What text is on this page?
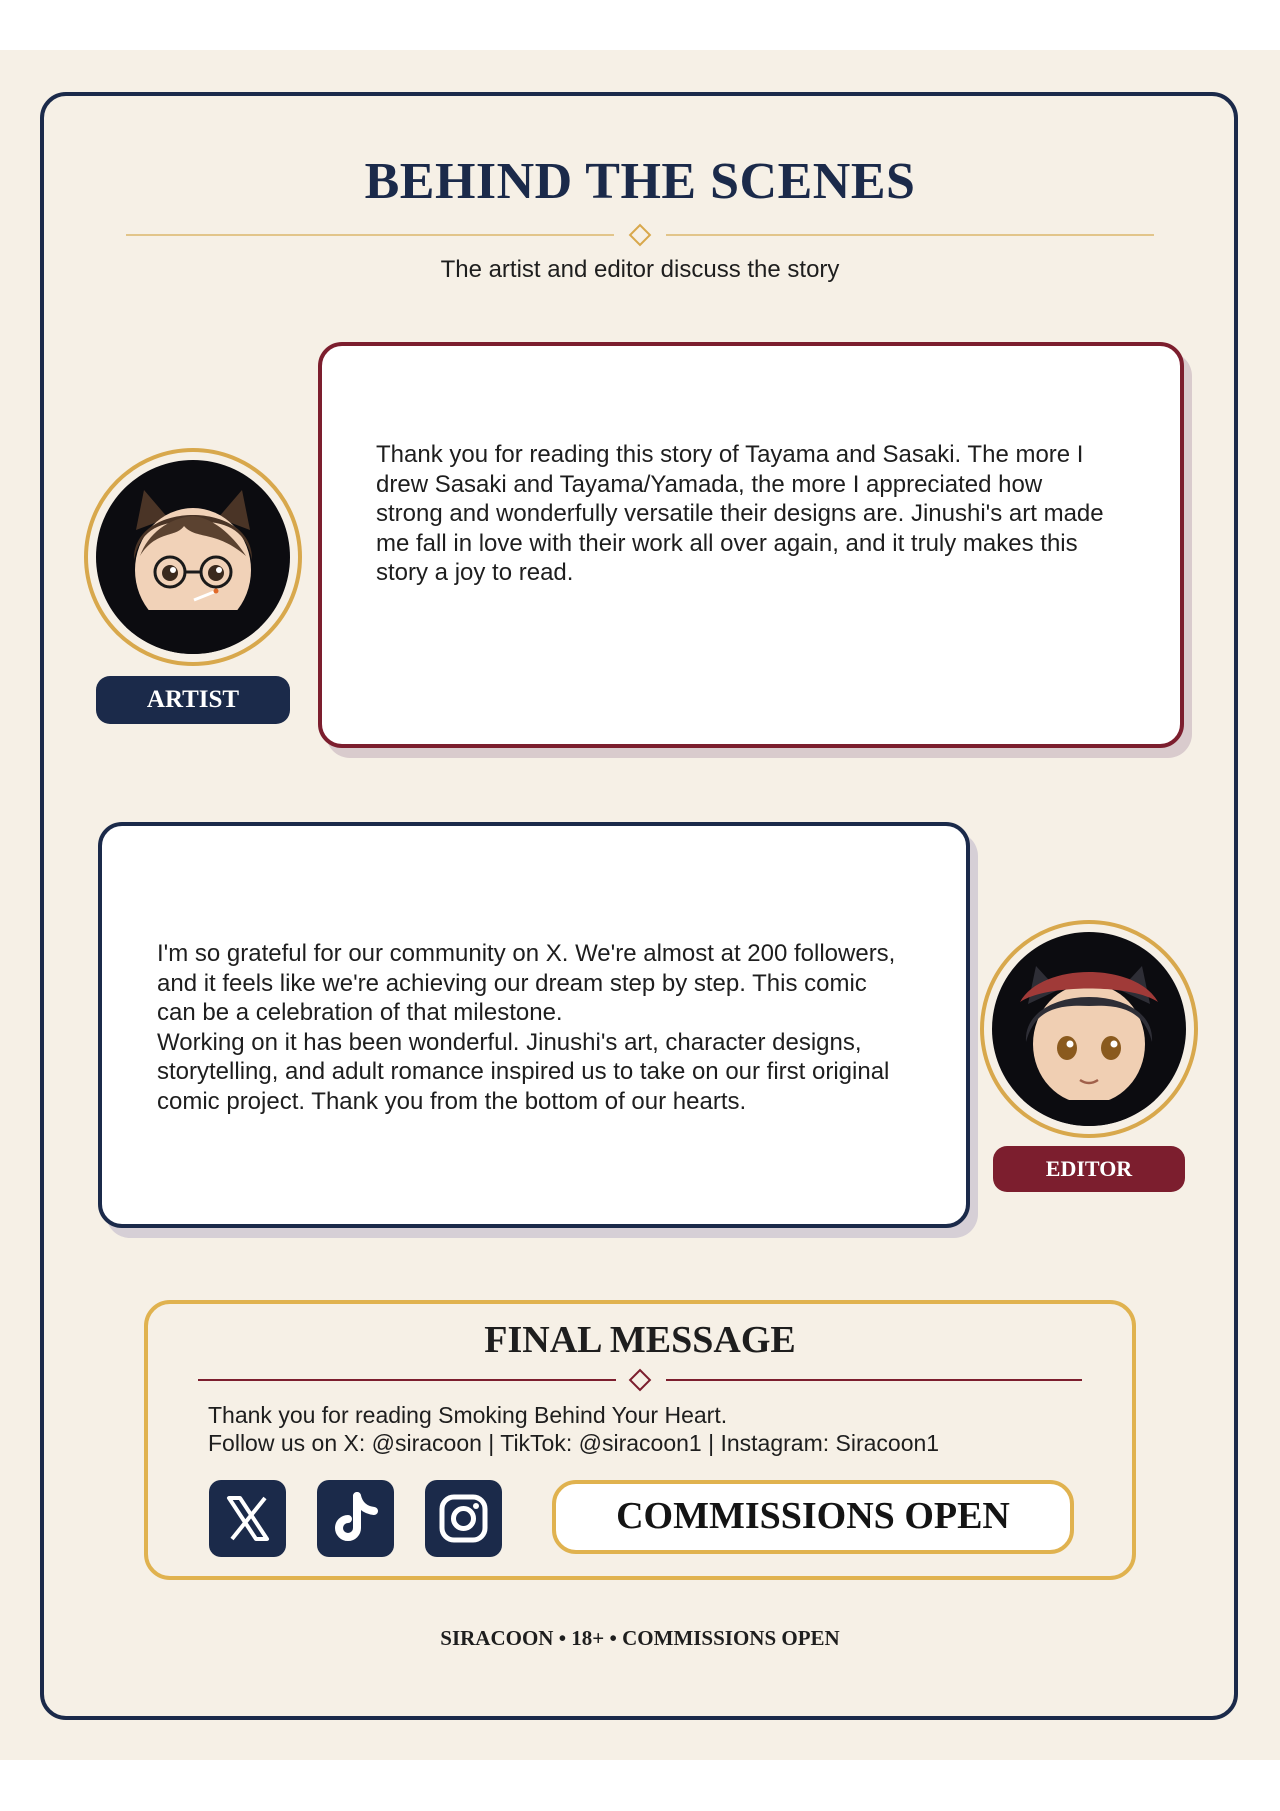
BEHIND THE SCENES
The artist and editor discuss the story
Thank you for reading this story of Tayama and Sasaki. The more I
drew Sasaki and Tayama/Yamada, the more I appreciated how
strong and wonderfully versatile their designs are. Jinushi's art made
me fall in love with their work all over again, and it truly makes this
story a joy to read.
ARTIST
I'm so grateful for our community on X. We're almost at 200 followers,
and it feels like we're achieving our dream step by step. This comic
can be a celebration of that milestone.
Working on it has been wonderful. Jinushi's art, character designs,
storytelling, and adult romance inspired us to take on our first original
comic project. Thank you from the bottom of our hearts.
EDITOR
FINAL MESSAGE
Thank you for reading Smoking Behind Your Heart.
Follow us on X: @siracoon | TikTok: @siracoon1 | Instagram: Siracoon1
COMMISSIONS OPEN
SIRACOON • 18+ • COMMISSIONS OPEN
